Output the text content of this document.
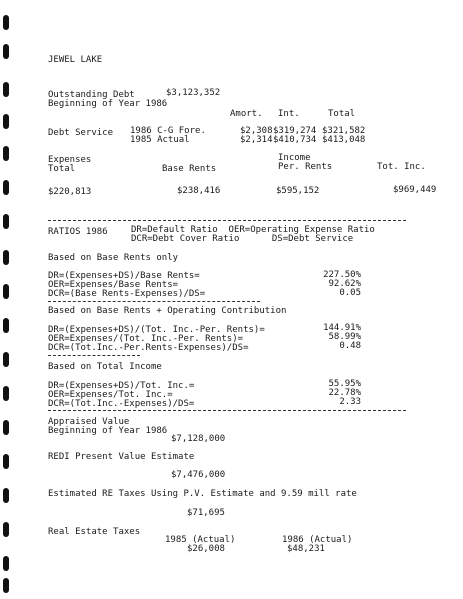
JEWEL LAKE
Outstanding Debt	$3,123,352
Beginning of Year 1986
Amort. Int.	Total
Debt Service 1986 C-G Fore.	$2,308 $319,274 $321,582
1985 Actual	$2,314 $410,734 $413,048
Expenses
Total	Base Rents
Income
Per. Rents	Tot. Inc.
$220,813	$238,416	$595,152	$969,449
RATIOS 1986	DR=Default Ratio  OER=Operating Expense Ratio
DCR=Debt Cover Ratio      DS=Debt Service
Based on Base Rents only
DR=(Expenses+DS)/Base Rents=	227.50%
OER=Expenses/Base Rents=	92.62%
DCR=(Base Rents-Expenses)/DS=	0.05
Based on Base Rents + Operating Contribution
DR=(Expenses+DS)/(Tot. Inc.-Per. Rents)=	144.91%
OER=Expenses/(Tot. Inc.-Per. Rents)=	58.99%
DCR=(Tot.Inc.-Per.Rents-Expenses)/DS=	0.48
Based on Total Income
DR=(Expenses+DS)/Tot. Inc.=	55.95%
OER=Expenses/Tot. Inc.=	22.78%
DCR=(Tot.Inc.-Expenses)/DS=	2.33
Appraised Value
Beginning of Year 1986
$7,128,000
REDI Present Value Estimate
$7,476,000
Estimated RE Taxes Using P.V. Estimate and 9.59 mill rate
$71,695
Real Estate Taxes
1985 (Actual)	1986 (Actual)
$26,008	$48,231
